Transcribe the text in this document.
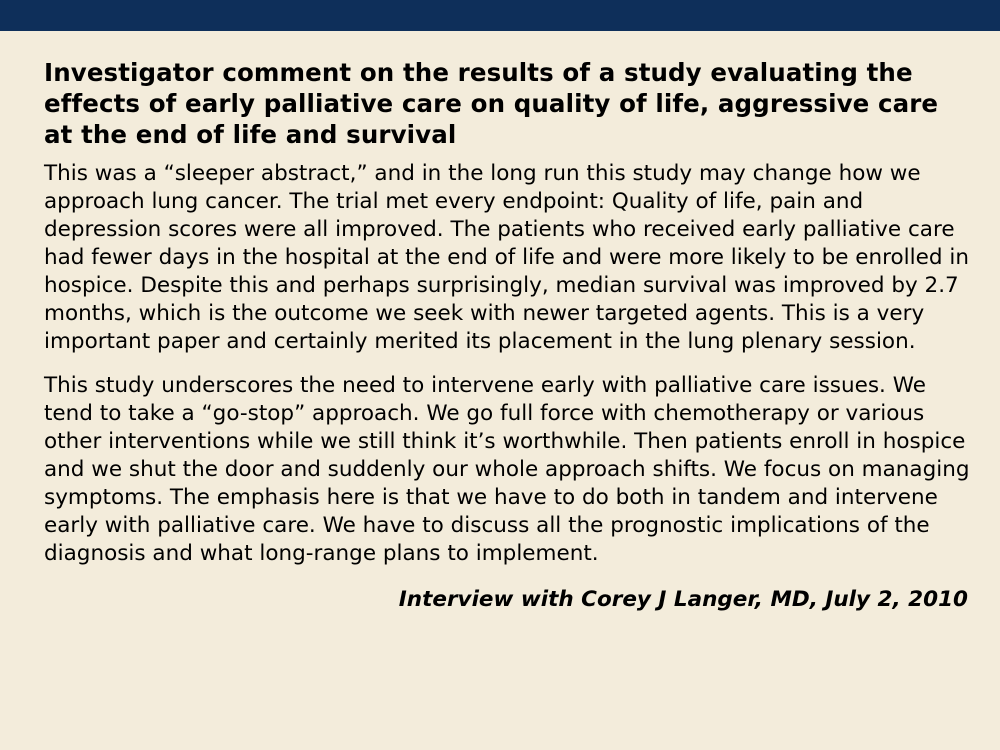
Investigator comment on the results of a study evaluating the effects of early palliative care on quality of life, aggressive care at the end of life and survival

This was a “sleeper abstract,” and in the long run this study may change how we approach lung cancer. The trial met every endpoint: Quality of life, pain and depression scores were all improved. The patients who received early palliative care had fewer days in the hospital at the end of life and were more likely to be enrolled in hospice. Despite this and perhaps surprisingly, median survival was improved by 2.7 months, which is the outcome we seek with newer targeted agents. This is a very important paper and certainly merited its placement in the lung plenary session.

This study underscores the need to intervene early with palliative care issues. We tend to take a “go-stop” approach. We go full force with chemotherapy or various other interventions while we still think it’s worthwhile. Then patients enroll in hospice and we shut the door and suddenly our whole approach shifts. We focus on managing symptoms. The emphasis here is that we have to do both in tandem and intervene early with palliative care. We have to discuss all the prognostic implications of the diagnosis and what long-range plans to implement.

Interview with Corey J Langer, MD, July 2, 2010
